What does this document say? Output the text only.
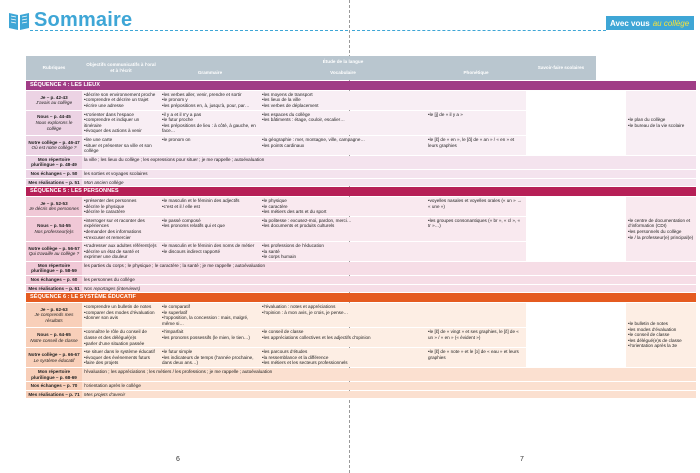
Sommaire	Avec vous au collège
Rubriques
Objectifs communicatifs à l’oral et à l’écrit
Étude de la langue
Grammaire	Vocabulaire	Phonétique
Savoir-faire scolaires
SÉQUENCE 4 : LES LIEUX
Je – p. 42-43
J’avais au collège
• décrire son environnement proche
• comprendre et décrire un trajet
• écrire une adresse
• les verbes aller, venir, prendre et sortir
• le pronom y
• les prépositions en, à, jusqu’à, pour, par…
• les moyens de transport
• les lieux de la ville
• les verbes de déplacement
Nous – p. 44-45
Nous explorons le collège
• s’orienter dans l’espace
• comprendre et indiquer un itinéraire
• évoquer des actions à venir
• il y a et il n’y a pas
• le futur proche
• les prépositions de lieu : à côté, à gauche, en face…
• les espaces du collège
• les bâtiments : étage, couloir, escalier…
• le [j] de « il y a »
Notre collège – p. 46-47
Où est notre collège ?
• lire une carte
• situer et présenter sa ville et son collège
• le pronom on
•	la géographie : mer, montagne, ville, campagne…
• les points cardinaux
• le [ɛ̃] de « en », le [ɑ̃] de « an » / « en » et leurs graphies
• le plan du collège
• le bureau de la vie scolaire
Mon répertoire plurilingue – p. 48-49
la ville ; les lieux du collège ; les expressions pour situer ; je me rappelle ; autoévaluation
Nos échanges – p. 50	les sorties et voyages scolaires
Mes réalisations – p. 51 Mon ancien collège
SÉQUENCE 5 : LES PERSONNES
Je – p. 52-53
Je décris des personnes
• présenter des personnes
• décrire le physique
• décrire le caractère
• le masculin et le féminin des adjectifs
• c’est et il / elle est
• le physique
• le caractère
• les métiers des arts et du sport
• voyelles nasales et voyelles orales (« un » → « une »)
Nous – p. 54-55
Nos professeur(e)s
• interroger sur et raconter des expériences
• demander des informations
• s’excuser et remercier
• le passé composé
• les pronoms relatifs qui et que
• la politesse : excusez-moi, pardon, merci…
• les documents et produits culturels
• les groupes consonantiques (« br », « cl », « tr »…)
Notre collège – p. 56-57
Qui travaille au collège ?
• s’adresser aux adultes référent(e)s
• décrire un état de santé et exprimer une douleur
• le masculin et le féminin des noms de métier
• le discours indirect rapporté
• les professions de l’éducation
• la santé
• le corps humain
• le centre de documentation et d’information (CDI)
• les personnels du collège
• le / la professeur(e) principal(e)
Mon répertoire plurilingue – p. 58-59
les parties du corps ; le physique ; le caractère ; la santé ; je me rappelle ; autoévaluation
Nos échanges – p. 60	les personnes du collège
Mes réalisations – p. 61 Nos reportages (interviews)
SÉQUENCE 6 : LE SYSTÈME ÉDUCATIF
Je – p. 62-63
Je comprends mes résultats
• comprendre un bulletin de notes
• comparer des modes d’évaluation
• donner son avis
• le comparatif
• le superlatif
• l’opposition, la concession : mais, malgré, même si…
• l’évaluation : notes et appréciations
• l’opinion : à mon avis, je crois, je pense…
Nous – p. 64-65
Notre conseil de classe
• connaître le rôle du conseil de classe et des délégué(e)s
• parler d’une situation passée
• l’imparfait
• les pronoms possessifs (le mien, le tien…)
• le conseil de classe
• les appréciations collectives et les adjectifs d’opinion
• le [ɛ̃] de « vingt » et ses graphies, le [ɛ̃] de « un » / « en » (« évident »)
Notre collège – p. 66-67
Le système éducatif
• se situer dans le système éducatif
• évoquer des événements futurs
• faire des projets
• le futur simple
• les indicateurs de temps (l’année prochaine, dans deux ans…)
• les parcours d’études
• la ressemblance et la différence
• les métiers et les secteurs professionnels
• le [ɛ̃] de « note » et le [ɔ] de « eau » et leurs graphies
• le bulletin de notes
• les modes d’évaluation
• le conseil de classe
• les délégué(e)s de classe
• l’orientation après la 3e
Mon répertoire plurilingue – p. 68-69
l’évaluation ; les appréciations ; les métiers / les professions ; je me rappelle ; autoévaluation
Nos échanges – p. 70	l’orientation après le collège
Mes réalisations – p. 71 Mes projets d’avenir
6	7
